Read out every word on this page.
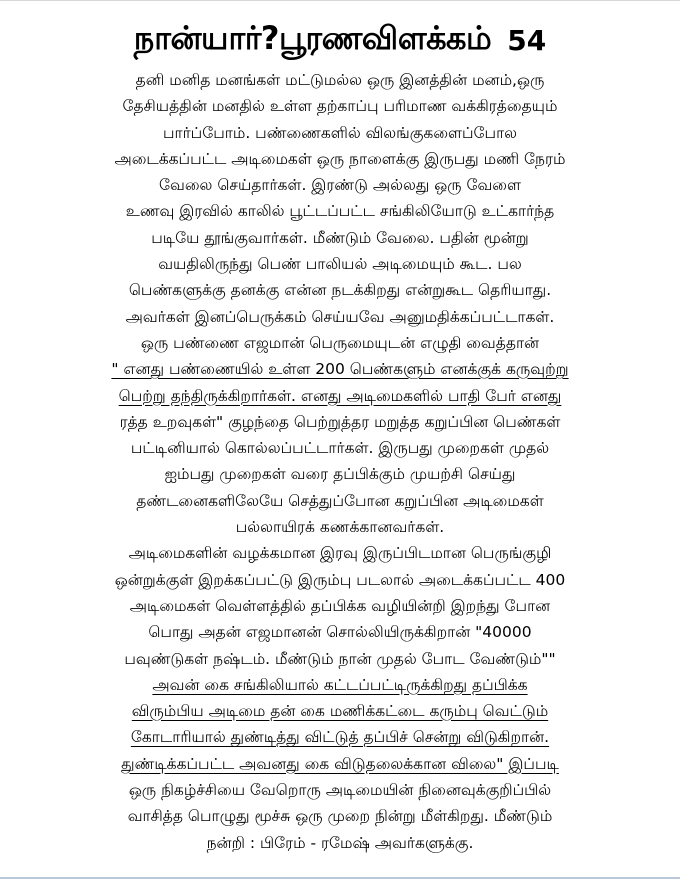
நான்யார்?பூரணவிளக்கம் 54
தனி மனித மனங்கள் மட்டுமல்ல ஒரு இனத்தின் மனம்,ஒரு
தேசியத்தின் மனதில் உள்ள தற்காப்பு பரிமாண வக்கிரத்தையும்
பார்ப்போம். பண்ணைகளில் விலங்குகளைப்போல
அடைக்கப்பட்ட அடிமைகள் ஒரு நாளைக்கு இருபது மணி நேரம்
வேலை செய்தார்கள். இரண்டு அல்லது ஒரு வேளை
உணவு இரவில் காலில் பூட்டப்பட்ட சங்கிலியோடு உட்கார்ந்த
படியே தூங்குவார்கள். மீண்டும் வேலை. பதின் மூன்று
வயதிலிருந்து பெண் பாலியல் அடிமையும் கூட. பல
பெண்களுக்கு தனக்கு என்ன நடக்கிறது என்றுகூட தெரியாது.
அவர்கள் இனப்பெருக்கம் செய்யவே அனுமதிக்கப்பட்டாகள்.
ஒரு பண்ணை எஜமான் பெருமையுடன் எழுதி வைத்தான்
" எனது பண்ணையில் உள்ள 200 பெண்களும் எனக்குக் கருவுற்று
பெற்று தந்திருக்கிறார்கள். எனது அடிமைகளில் பாதி பேர் எனது
ரத்த உறவுகள்" குழந்தை பெற்றுத்தர மறுத்த கறுப்பின பெண்கள்
பட்டினியால் கொல்லப்பட்டார்கள். இருபது முறைகள் முதல்
ஐம்பது முறைகள் வரை தப்பிக்கும் முயற்சி செய்து
தண்டனைகளிலேயே செத்துப்போன கறுப்பின அடிமைகள்
பல்லாயிரக் கணக்கானவர்கள்.
அடிமைகளின் வழக்கமான இரவு இருப்பிடமான பெருங்குழி
ஒன்றுக்குள் இறக்கப்பட்டு இரும்பு படலால் அடைக்கப்பட்ட 400
அடிமைகள் வெள்ளத்தில் தப்பிக்க வழியின்றி இறந்து போன
பொது அதன் எஜமானன் சொல்லியிருக்கிறான் "40000
பவுண்டுகள் நஷ்டம். மீண்டும் நான் முதல் போட வேண்டும்""
அவன் கை சங்கிலியால் கட்டப்பட்டிருக்கிறது தப்பிக்க
விரும்பிய அடிமை தன் கை மணிக்கட்டை கரும்பு வெட்டும்
கோடாரியால் துண்டித்து விட்டுத் தப்பிச் சென்று விடுகிறான்.
துண்டிக்கப்பட்ட அவனது கை விடுதலைக்கான விலை" இப்படி
ஒரு நிகழ்ச்சியை வேறொரு அடிமையின் நினைவுக்குறிப்பில்
வாசித்த பொழுது மூச்சு ஒரு முறை நின்று மீள்கிறது. மீண்டும்
நன்றி : பிரேம் - ரமேஷ் அவர்களுக்கு.
